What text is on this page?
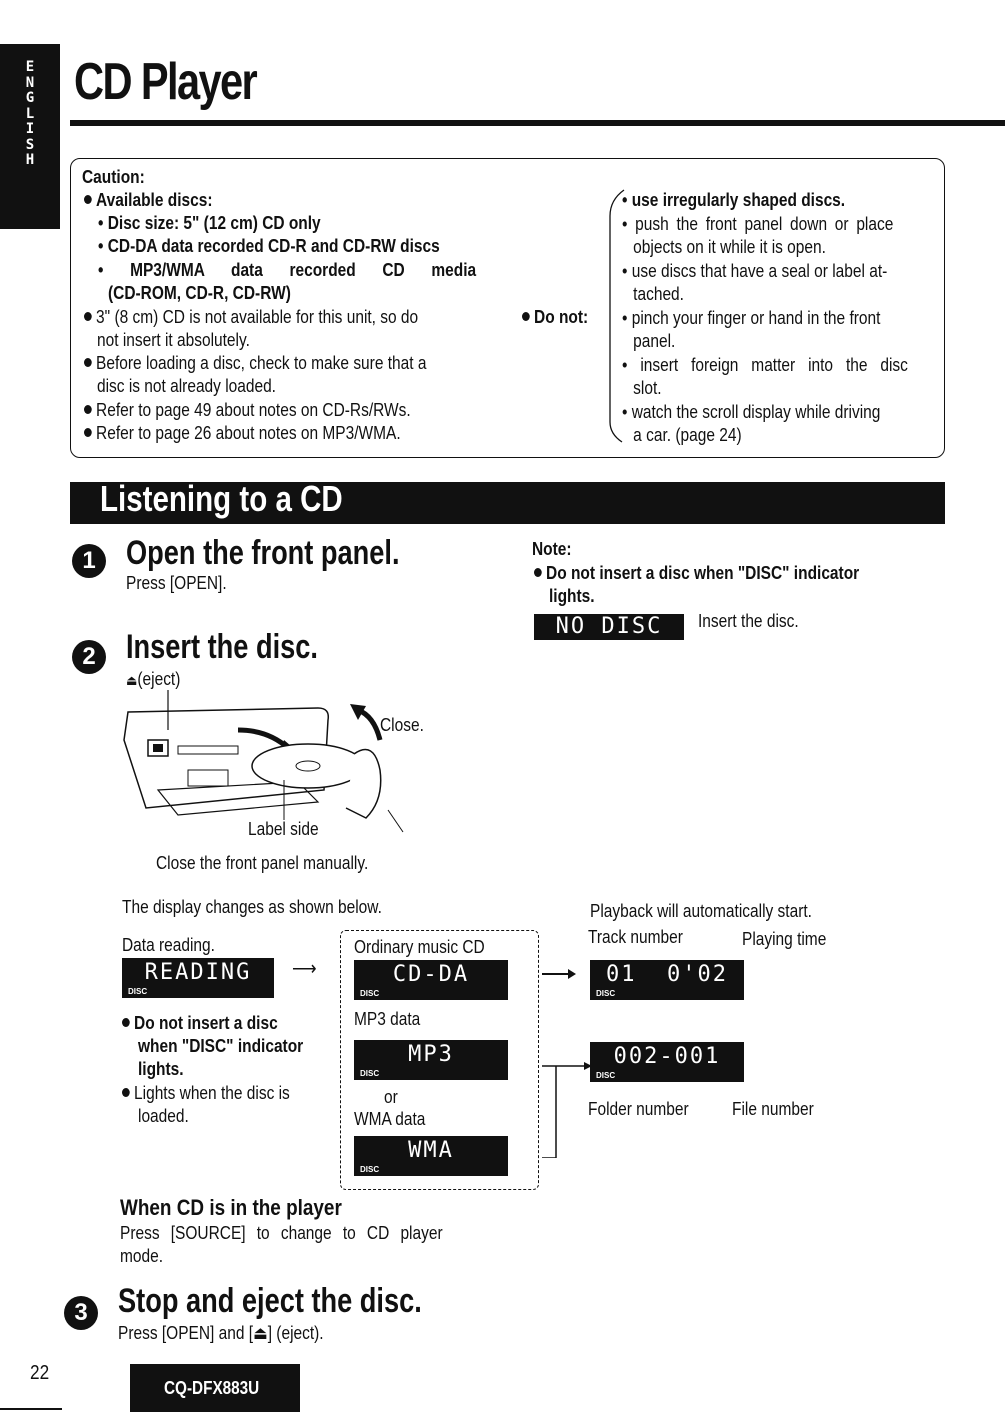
E
N
G
L
I
S
H
7
CD Player
Caution:
Available discs:
• Disc size: 5" (12 cm) CD only
• CD-DA data recorded CD-R and CD-RW discs
• MP3/WMA data recorded CD media
(CD-ROM, CD-R, CD-RW)
3" (8 cm) CD is not available for this unit, so do
not insert it absolutely.
Before loading a disc, check to make sure that a
disc is not already loaded.
Refer to page 49 about notes on CD-Rs/RWs.
Refer to page 26 about notes on MP3/WMA.
Do not:
• use irregularly shaped discs.
• push the front panel down or place
objects on it while it is open.
• use discs that have a seal or label at-
tached.
• pinch your finger or hand in the front
panel.
• insert foreign matter into the disc
slot.
• watch the scroll display while driving
a car. (page 24)
Listening to a CD
1 Open the front panel.
Press [OPEN].
Note:
Do not insert a disc when "DISC" indicator
lights.
NO DISC	Insert the disc.
2 Insert the disc.
⏏(eject)
Close.
Label side
Close the front panel manually.
The display changes as shown below.
Data reading.
READING
DISC
⟶
Do not insert a disc
when "DISC" indicator
lights.
Lights when the disc is
loaded.
Ordinary music CD
CD-DA
DISC
MP3 data
MP3
DISC
or
WMA data
WMA
DISC
Playback will automatically start.
Track number	Playing time
01  0'02
DISC
002-001
DISC
Folder number File number
When CD is in the player
Press [SOURCE] to change to CD player
mode.
3 Stop and eject the disc.
Press [OPEN] and [⏏] (eject).
22
CQ-DFX883U
